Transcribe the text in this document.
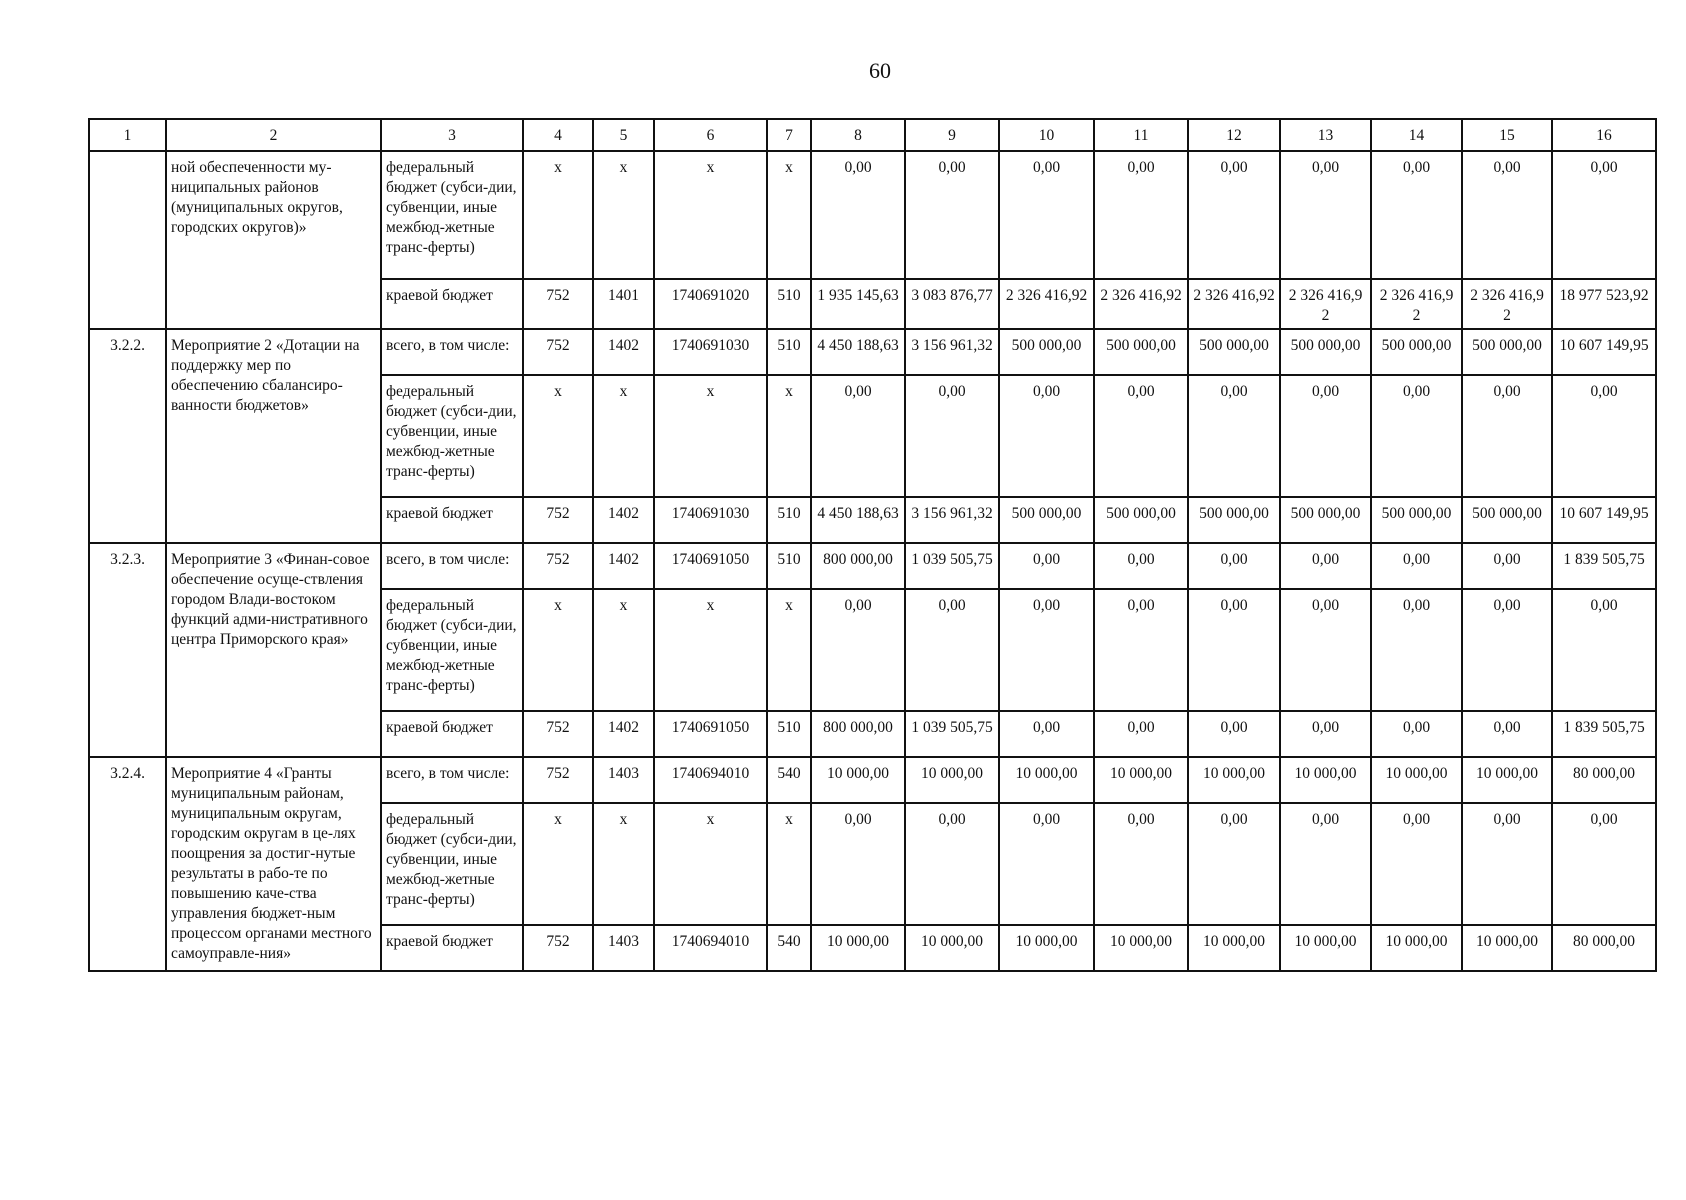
60
1	2	3	4	5	6	7	8	9	10	11	12	13	14	15	16
	ной обеспеченности му-ниципальных районов (муниципальных округов, городских округов)»	федеральный бюджет (субси-дии, субвенции, иные межбюд-жетные транс-ферты)	x	x	x	x	0,00	0,00	0,00	0,00	0,00	0,00	0,00	0,00	0,00
		краевой бюджет	752	1401	1740691020	510	1 935 145,63	3 083 876,77	2 326 416,92	2 326 416,92	2 326 416,92	2 326 416,92	2 326 416,92	2 326 416,92	18 977 523,92
3.2.2.	Мероприятие 2 «Дотации на поддержку мер по обеспечению сбалансиро-ванности бюджетов»	всего, в том числе:	752	1402	1740691030	510	4 450 188,63	3 156 961,32	500 000,00	500 000,00	500 000,00	500 000,00	500 000,00	500 000,00	10 607 149,95
		федеральный бюджет (субси-дии, субвенции, иные межбюд-жетные транс-ферты)	x	x	x	x	0,00	0,00	0,00	0,00	0,00	0,00	0,00	0,00	0,00
		краевой бюджет	752	1402	1740691030	510	4 450 188,63	3 156 961,32	500 000,00	500 000,00	500 000,00	500 000,00	500 000,00	500 000,00	10 607 149,95
3.2.3.	Мероприятие 3 «Финан-совое обеспечение осущe-ствления городом Влади-востоком функций адми-нистративного центра Приморского края»	всего, в том числе:	752	1402	1740691050	510	800 000,00	1 039 505,75	0,00	0,00	0,00	0,00	0,00	0,00	1 839 505,75
		федеральный бюджет (субси-дии, субвенции, иные межбюд-жетные транс-ферты)	x	x	x	x	0,00	0,00	0,00	0,00	0,00	0,00	0,00	0,00	0,00
		краевой бюджет	752	1402	1740691050	510	800 000,00	1 039 505,75	0,00	0,00	0,00	0,00	0,00	0,00	1 839 505,75
3.2.4.	Мероприятие 4 «Гранты муниципальным районам, муниципальным округам, городским округам в це-лях поощрения за достиг-нутые результаты в рабо-те по повышению каче-ства управления бюджет-ным процессом органами местного самоуправле-ния»	всего, в том числе:	752	1403	1740694010	540	10 000,00	10 000,00	10 000,00	10 000,00	10 000,00	10 000,00	10 000,00	10 000,00	80 000,00
		федеральный бюджет (субси-дии, субвенции, иные межбюд-жетные транс-ферты)	x	x	x	x	0,00	0,00	0,00	0,00	0,00	0,00	0,00	0,00	0,00
		краевой бюджет	752	1403	1740694010	540	10 000,00	10 000,00	10 000,00	10 000,00	10 000,00	10 000,00	10 000,00	10 000,00	80 000,00
